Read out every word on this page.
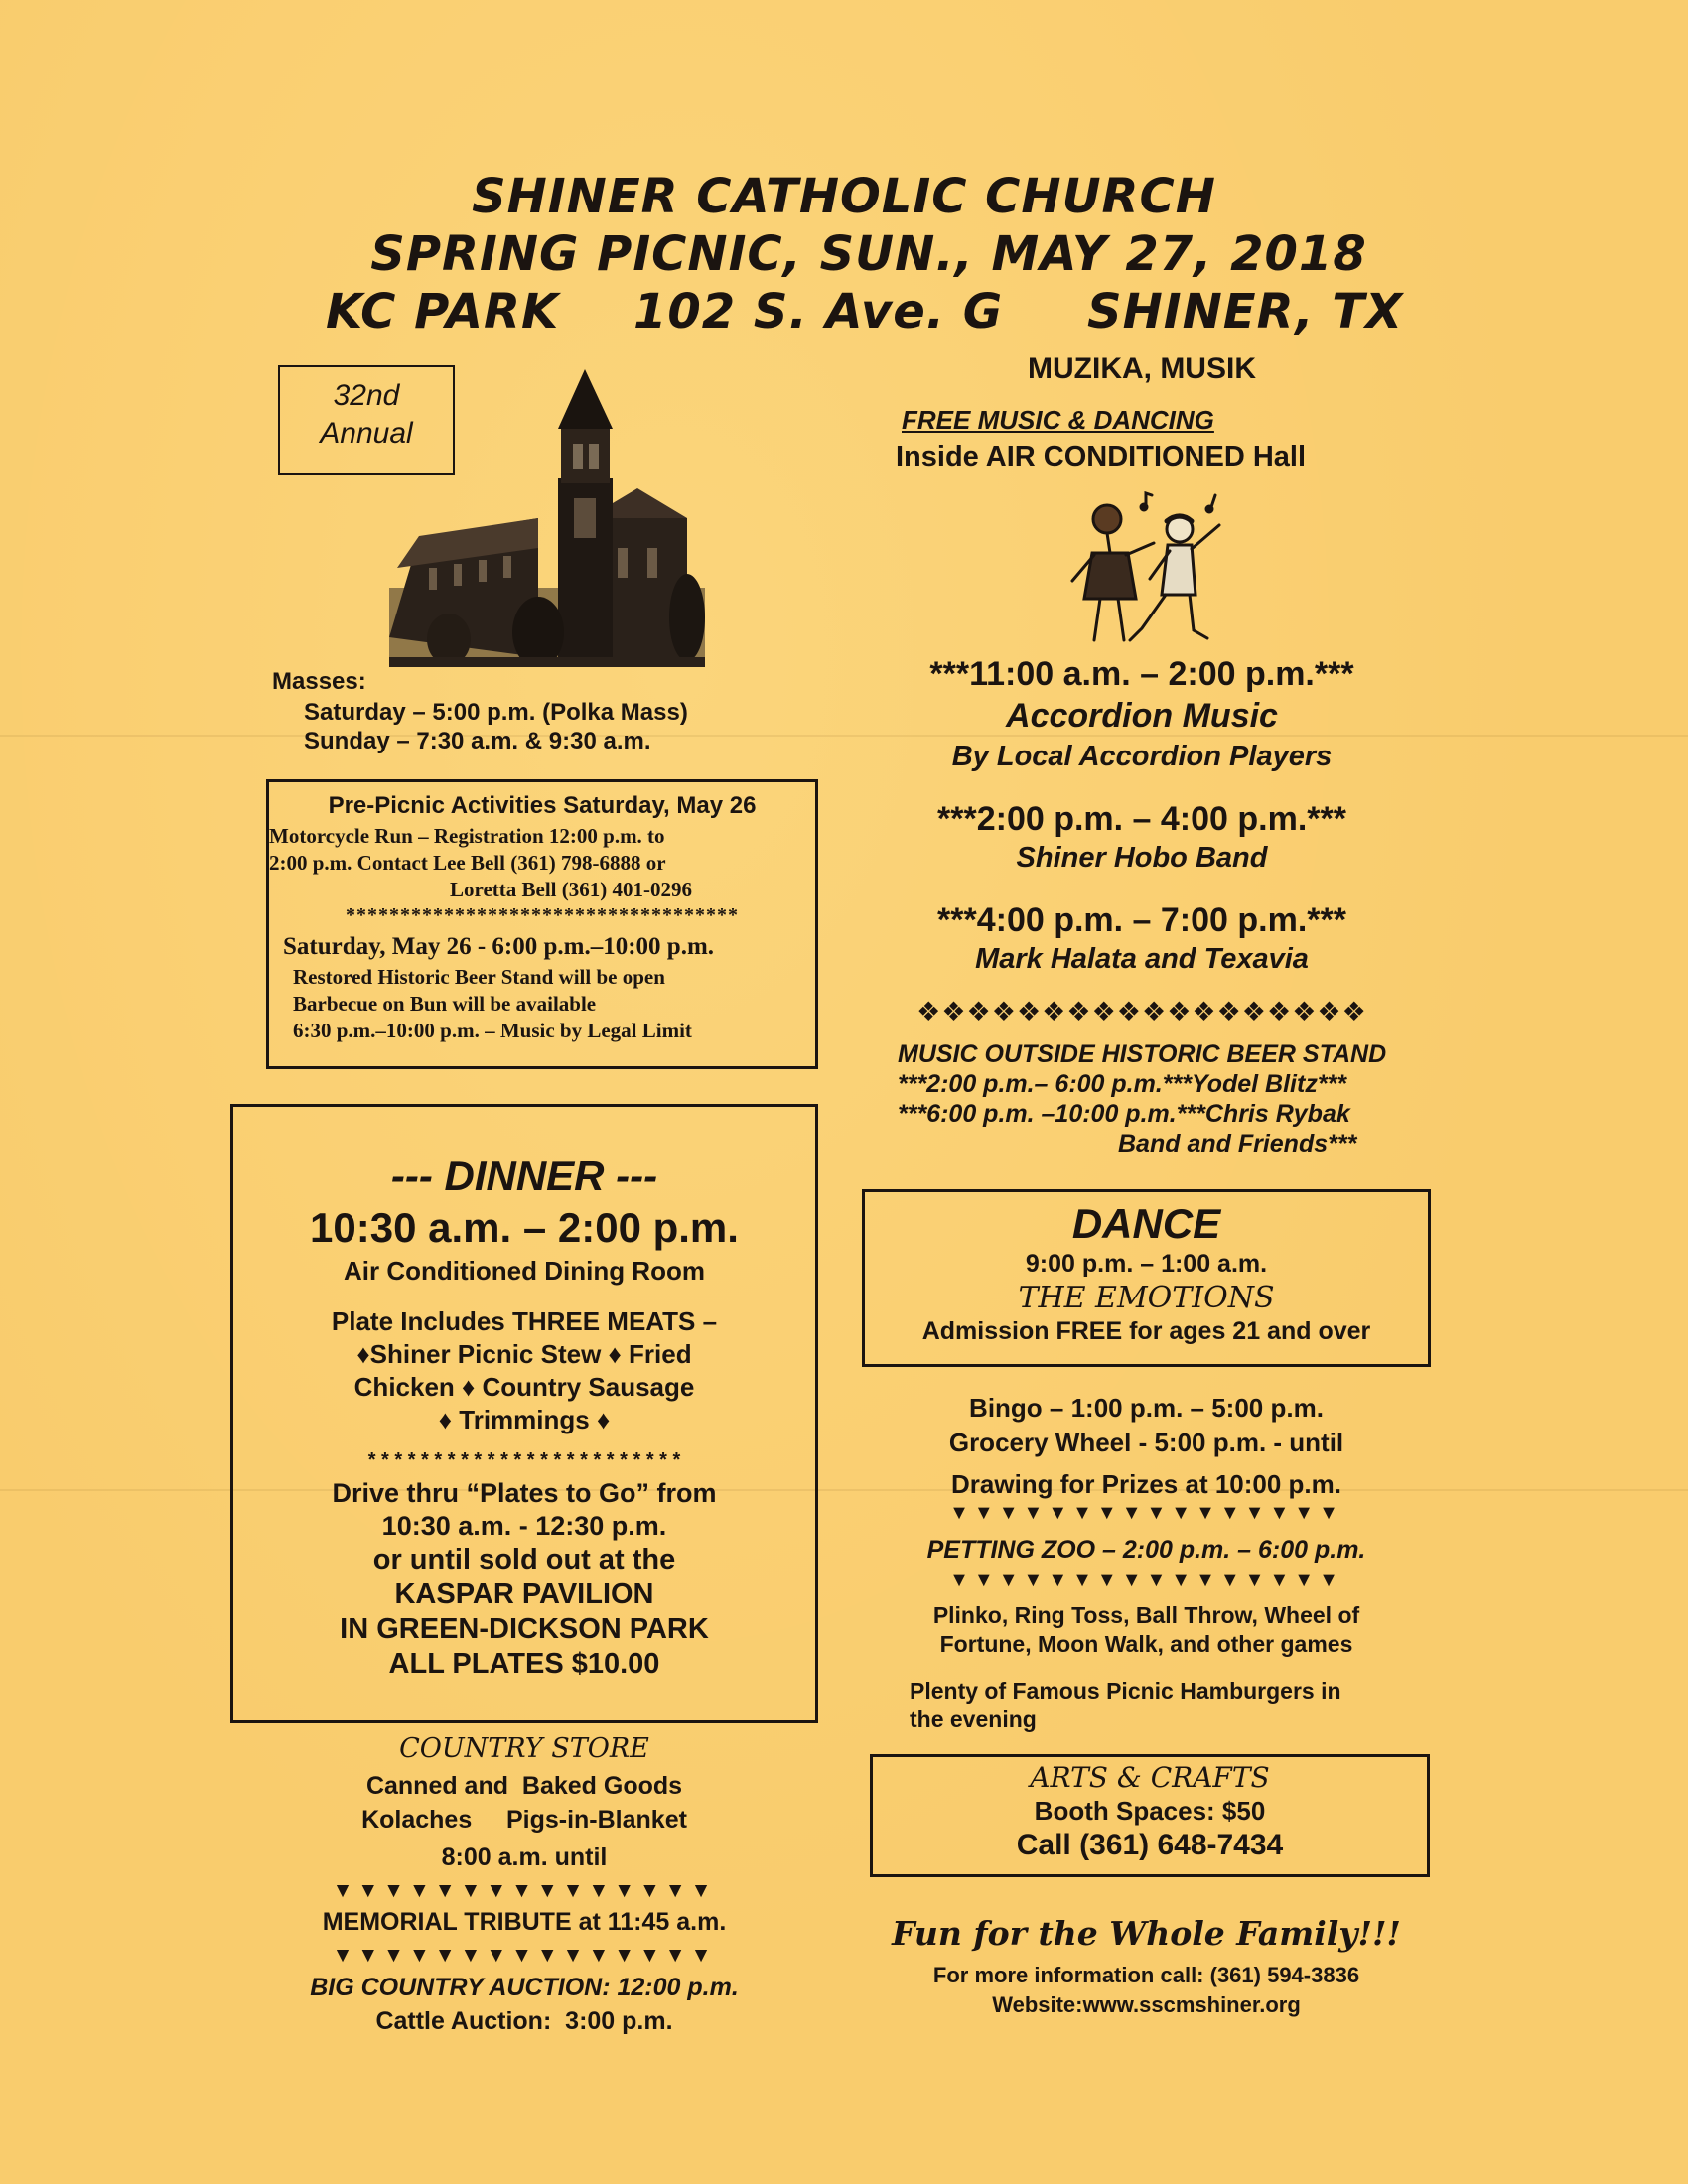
SHINER CATHOLIC CHURCH
SPRING PICNIC, SUN., MAY 27, 2018
KC PARK 102 S. Ave. G SHINER, TX
32nd
Annual
Masses:
Saturday – 5:00 p.m. (Polka Mass)
Sunday – 7:30 a.m. & 9:30 a.m.
Pre-Picnic Activities Saturday, May 26
Motorcycle Run – Registration 12:00 p.m. to
2:00 p.m. Contact Lee Bell (361) 798-6888 or
Loretta Bell (361) 401-0296
************************************
Saturday, May 26 - 6:00 p.m.–10:00 p.m.
Restored Historic Beer Stand will be open
Barbecue on Bun will be available
6:30 p.m.–10:00 p.m. – Music by Legal Limit
--- DINNER ---
10:30 a.m. – 2:00 p.m.
Air Conditioned Dining Room
Plate Includes THREE MEATS –
♦Shiner Picnic Stew ♦ Fried
Chicken ♦ Country Sausage
♦ Trimmings ♦
* * * * * * * * * * * * * * * * * * * * * * * *
Drive thru “Plates to Go” from
10:30 a.m. - 12:30 p.m.
or until sold out at the
KASPAR PAVILION
IN GREEN-DICKSON PARK
ALL PLATES $10.00
COUNTRY STORE
Canned and  Baked Goods
Kolaches     Pigs-in-Blanket
8:00 a.m. until
▼▼▼▼▼▼▼▼▼▼▼▼▼▼▼
MEMORIAL TRIBUTE at 11:45 a.m.
▼▼▼▼▼▼▼▼▼▼▼▼▼▼▼
BIG COUNTRY AUCTION: 12:00 p.m.
Cattle Auction:  3:00 p.m.
MUZIKA, MUSIK
FREE MUSIC & DANCING
Inside AIR CONDITIONED Hall
***11:00 a.m. – 2:00 p.m.***
Accordion Music
By Local Accordion Players
***2:00 p.m. – 4:00 p.m.***
Shiner Hobo Band
***4:00 p.m. – 7:00 p.m.***
Mark Halata and Texavia
❖❖❖❖❖❖❖❖❖❖❖❖❖❖❖❖❖❖
MUSIC OUTSIDE HISTORIC BEER STAND
***2:00 p.m.– 6:00 p.m.***Yodel Blitz***
***6:00 p.m. –10:00 p.m.***Chris Rybak
Band and Friends***
DANCE
9:00 p.m. – 1:00 a.m.
THE EMOTIONS
Admission FREE for ages 21 and over
Bingo – 1:00 p.m. – 5:00 p.m.
Grocery Wheel - 5:00 p.m. - until
Drawing for Prizes at 10:00 p.m.
▼▼▼▼▼▼▼▼▼▼▼▼▼▼▼▼
PETTING ZOO – 2:00 p.m. – 6:00 p.m.
▼▼▼▼▼▼▼▼▼▼▼▼▼▼▼▼
Plinko, Ring Toss, Ball Throw, Wheel of
Fortune, Moon Walk, and other games
Plenty of Famous Picnic Hamburgers in
the evening
ARTS & CRAFTS
Booth Spaces: $50
Call (361) 648-7434
Fun for the Whole Family!!!
For more information call: (361) 594-3836
Website:www.sscmshiner.org
